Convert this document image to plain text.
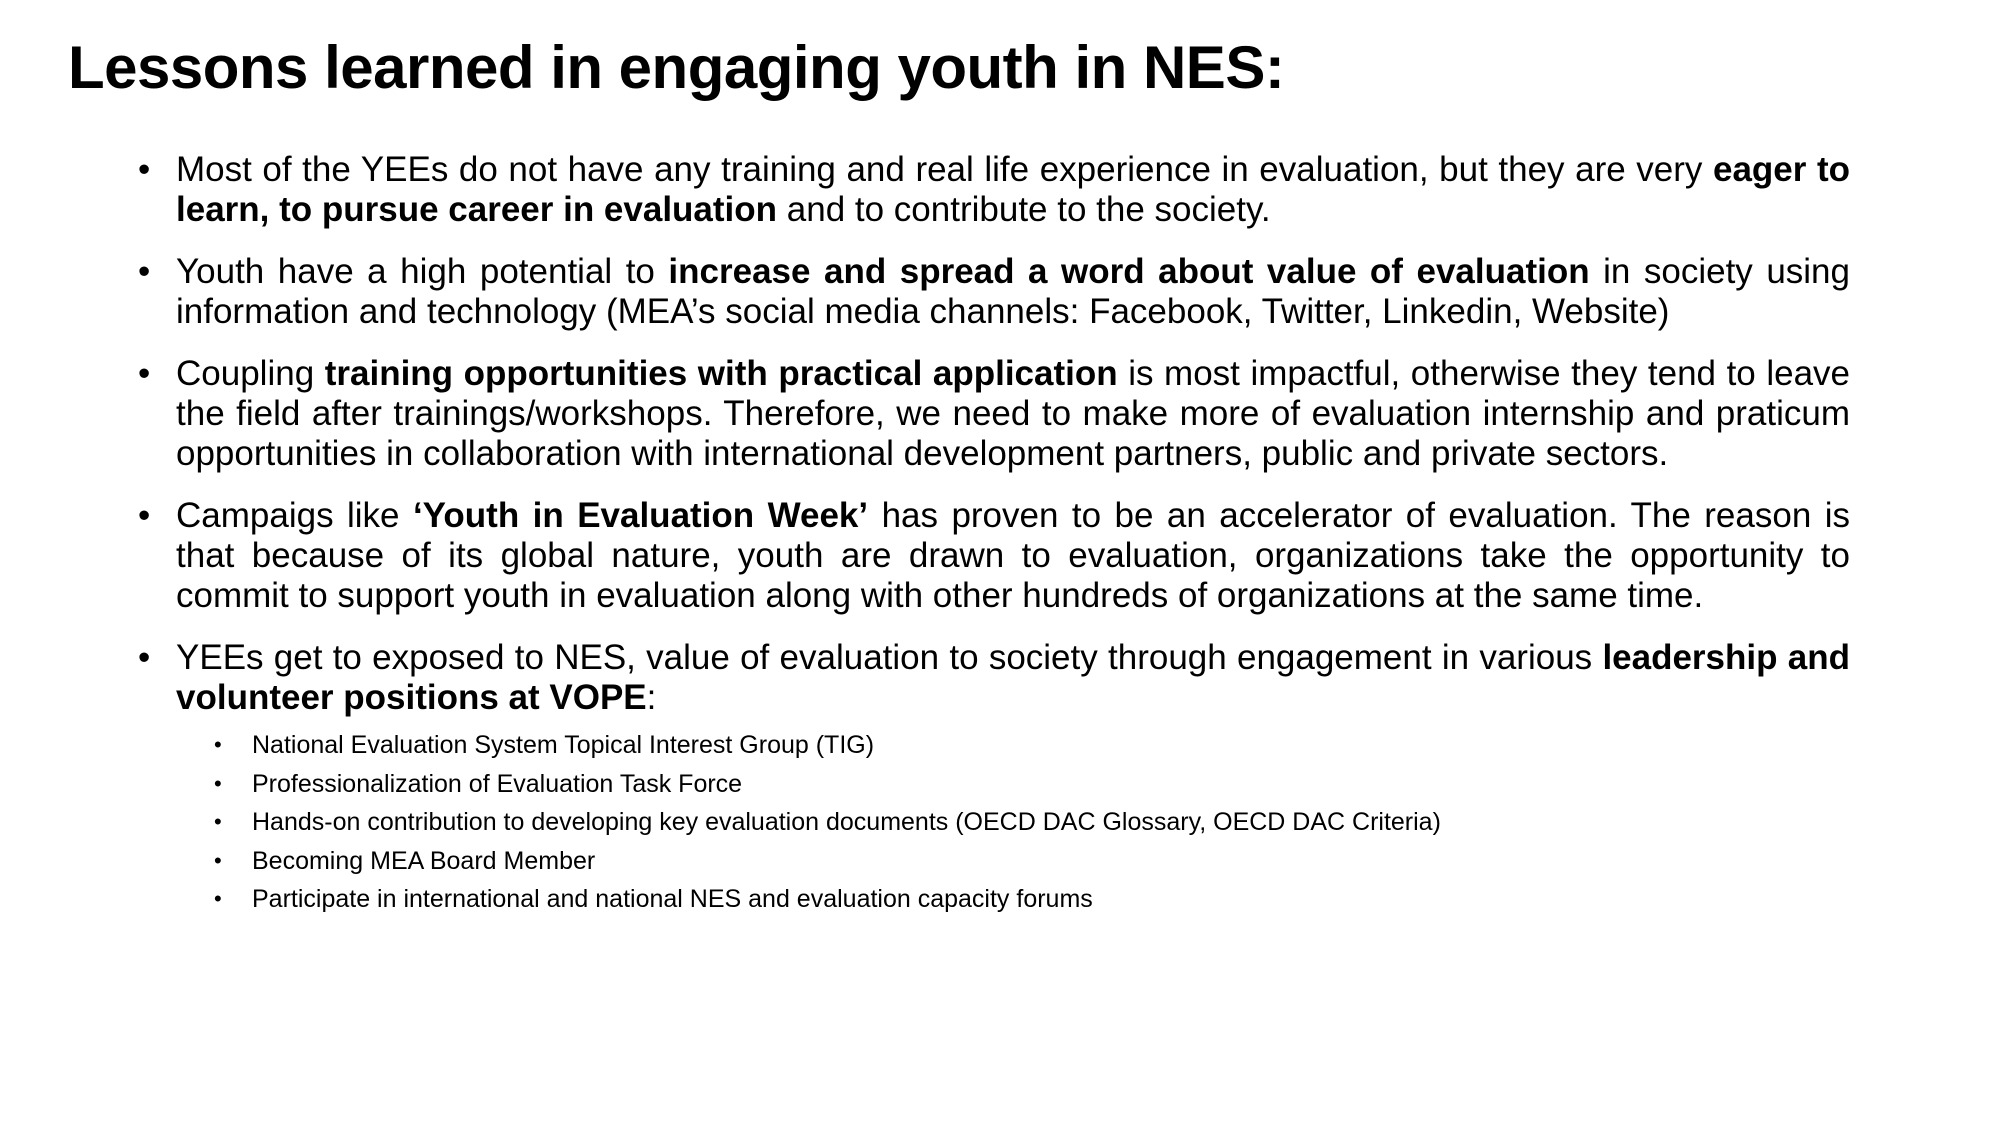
Lessons learned in engaging youth in NES:
• Most of the YEEs do not have any training and real life experience in evaluation, but they are very eager to learn, to pursue career in evaluation and to contribute to the society.
• Youth have a high potential to increase and spread a word about value of evaluation in society using information and technology (MEA’s social media channels: Facebook, Twitter, Linkedin, Website)
• Coupling training opportunities with practical application is most impactful, otherwise they tend to leave the field after trainings/workshops. Therefore, we need to make more of evaluation internship and praticum opportunities in collaboration with international development partners, public and private sectors.
• Campaigs like ‘Youth in Evaluation Week’ has proven to be an accelerator of evaluation. The reason is that because of its global nature, youth are drawn to evaluation, organizations take the opportunity to commit to support youth in evaluation along with other hundreds of organizations at the same time.
• YEEs get to exposed to NES, value of evaluation to society through engagement in various leadership and volunteer positions at VOPE:
• National Evaluation System Topical Interest Group (TIG)
• Professionalization of Evaluation Task Force
• Hands-on contribution to developing key evaluation documents (OECD DAC Glossary, OECD DAC Criteria)
• Becoming MEA Board Member
• Participate in international and national NES and evaluation capacity forums
